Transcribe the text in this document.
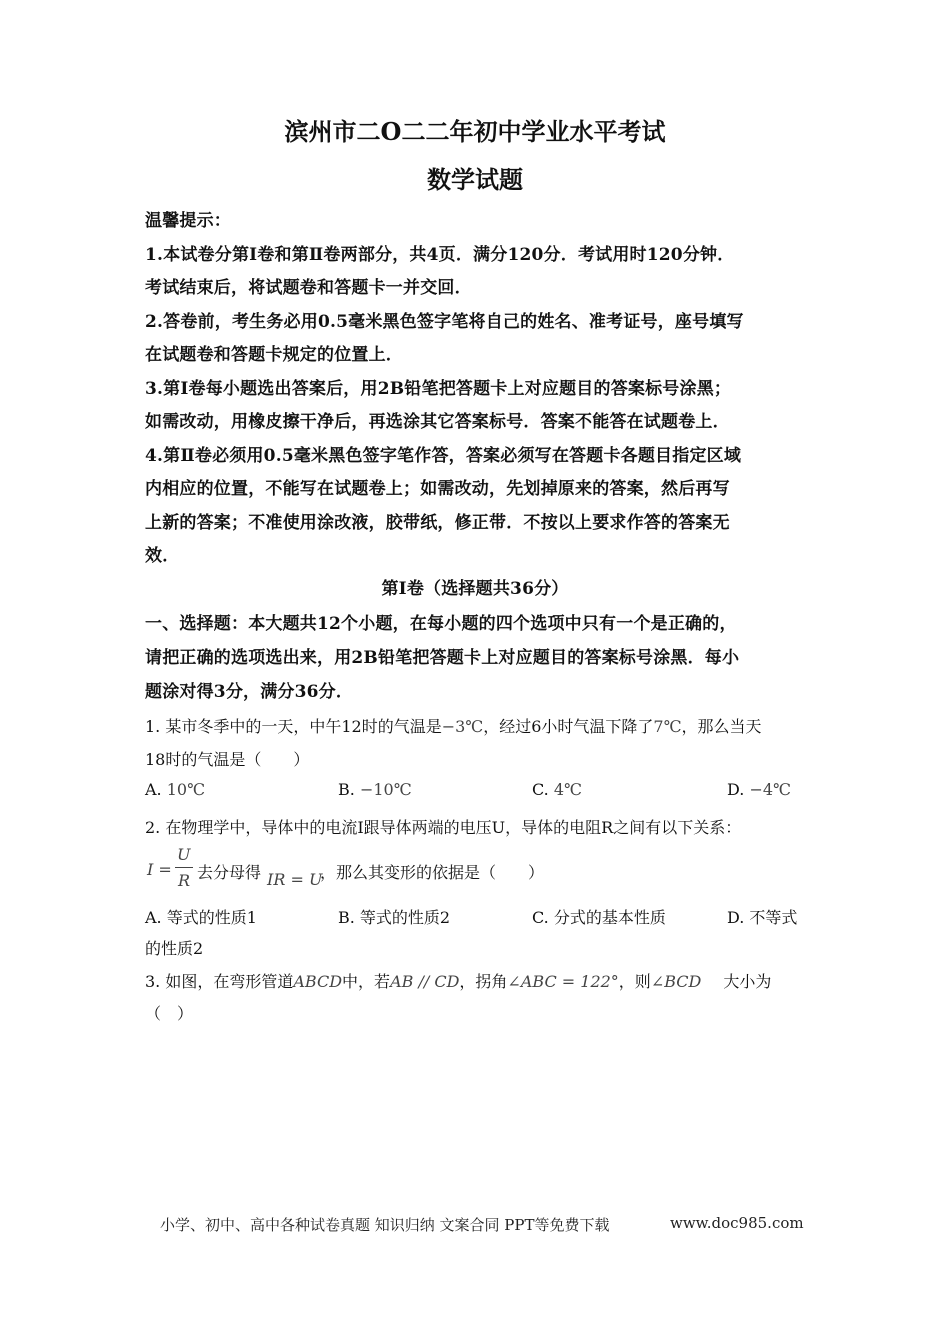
滨州市二O二二年初中学业水平考试
数学试题
温馨提示：
1.本试卷分第Ⅰ卷和第Ⅱ卷两部分，共4页．满分120分．考试用时120分钟．
考试结束后，将试题卷和答题卡一并交回．
2.答卷前，考生务必用0.5毫米黑色签字笔将自己的姓名、准考证号，座号填写
在试题卷和答题卡规定的位置上．
3.第Ⅰ卷每小题选出答案后，用2B铅笔把答题卡上对应题目的答案标号涂黑；
如需改动，用橡皮擦干净后，再选涂其它答案标号．答案不能答在试题卷上．
4.第Ⅱ卷必须用0.5毫米黑色签字笔作答，答案必须写在答题卡各题目指定区域
内相应的位置，不能写在试题卷上；如需改动，先划掉原来的答案，然后再写
上新的答案；不准使用涂改液，胶带纸，修正带．不按以上要求作答的答案无
效．
第Ⅰ卷（选择题共36分）
一、选择题：本大题共12个小题，在每小题的四个选项中只有一个是正确的，
请把正确的选项选出来，用2B铅笔把答题卡上对应题目的答案标号涂黑．每小
题涂对得3分，满分36分．
1. 某市冬季中的一天，中午12时的气温是−3℃，经过6小时气温下降了7℃，那么当天
18时的气温是（　　）
A. 10℃	B. −10℃	C. 4℃	D. −4℃
2. 在物理学中，导体中的电流Ⅰ跟导体两端的电压U，导体的电阻R之间有以下关系：
I =
U
R 去分母得 IR = U
，那么其变形的依据是（　　）
A. 等式的性质1	B. 等式的性质2	C. 分式的基本性质	D. 不等式
的性质2
3. 如图，在弯形管道ABCD中，若AB // CD，拐角∠ABC = 122°，则∠BCD 大小为
（　）
小学、初中、高中各种试卷真题 知识归纳 文案合同 PPT等免费下载	www.doc985.com
